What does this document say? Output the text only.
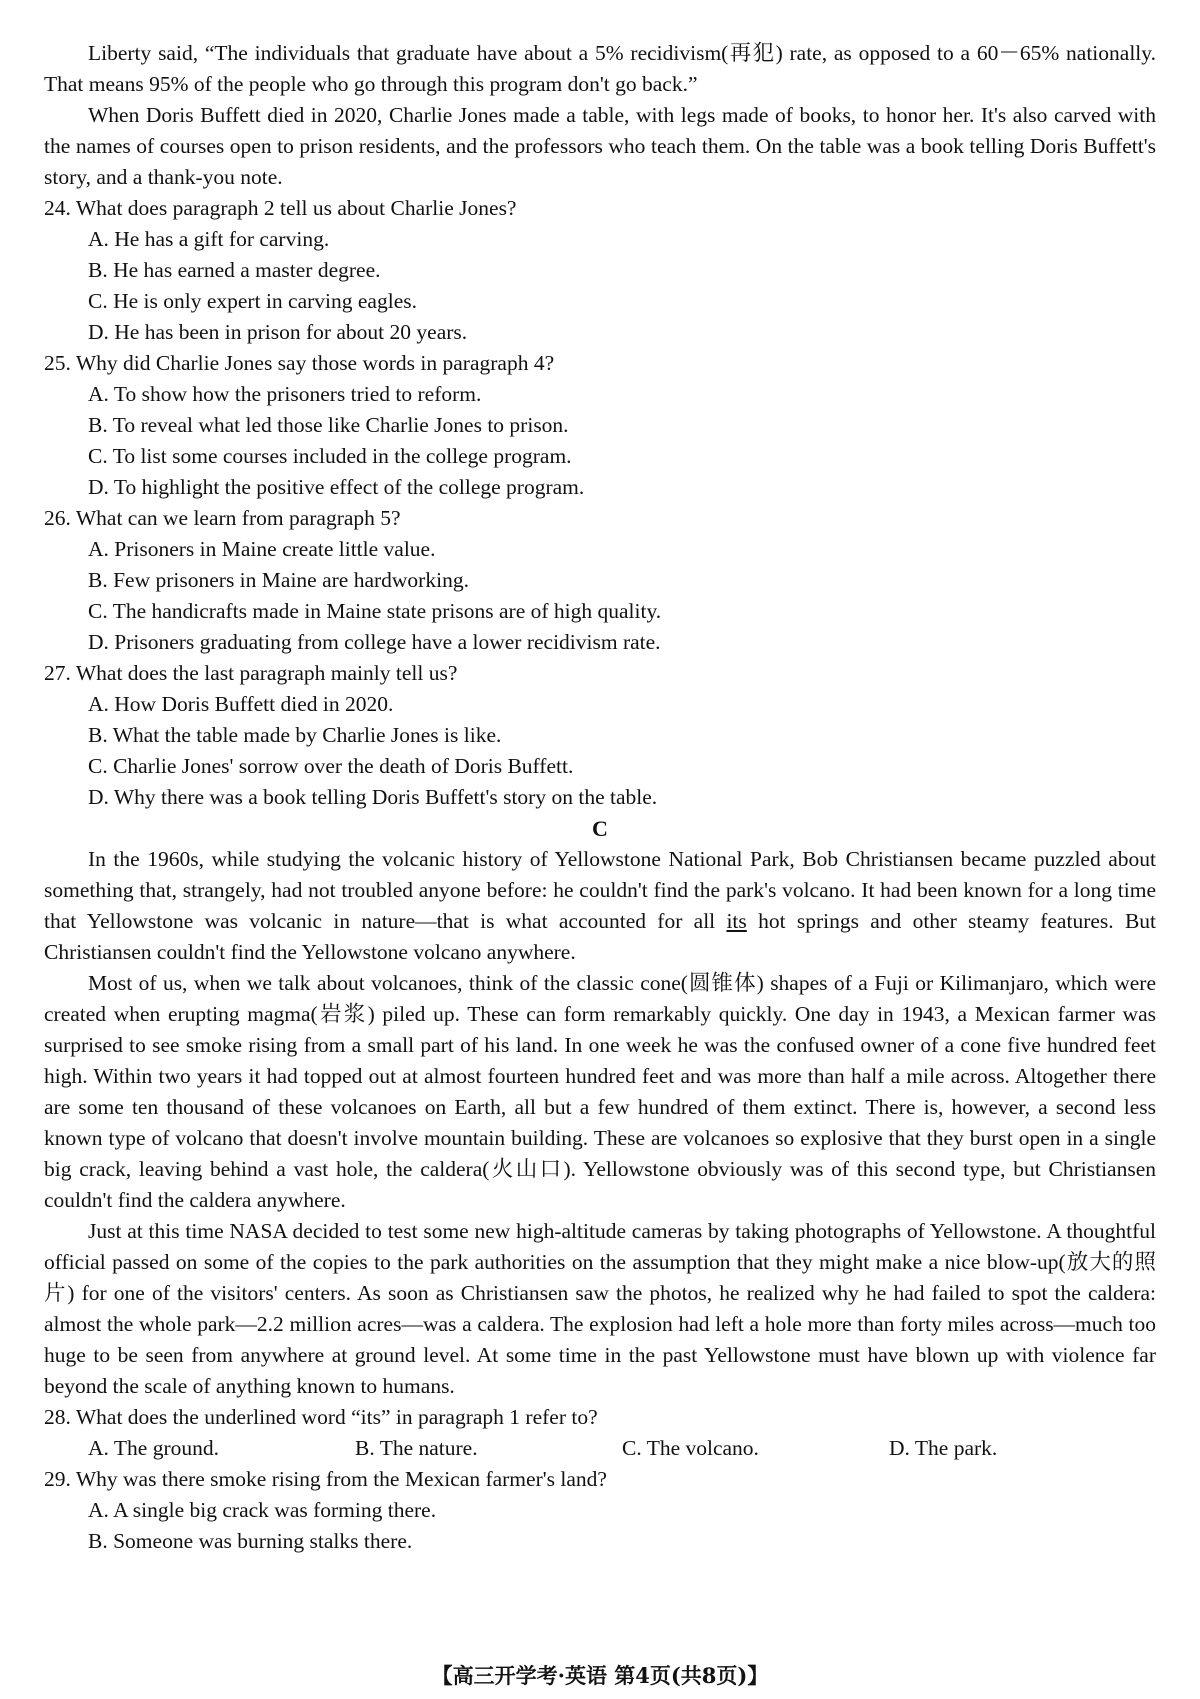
Liberty said, “The individuals that graduate have about a 5% recidivism(再犯) rate, as opposed to a 60－65% nationally. That means 95% of the people who go through this program don't go back.”

When Doris Buffett died in 2020, Charlie Jones made a table, with legs made of books, to honor her. It's also carved with the names of courses open to prison residents, and the professors who teach them. On the table was a book telling Doris Buffett's story, and a thank-you note.

24. What does paragraph 2 tell us about Charlie Jones?

A. He has a gift for carving.

B. He has earned a master degree.

C. He is only expert in carving eagles.

D. He has been in prison for about 20 years.

25. Why did Charlie Jones say those words in paragraph 4?

A. To show how the prisoners tried to reform.

B. To reveal what led those like Charlie Jones to prison.

C. To list some courses included in the college program.

D. To highlight the positive effect of the college program.

26. What can we learn from paragraph 5?

A. Prisoners in Maine create little value.

B. Few prisoners in Maine are hardworking.

C. The handicrafts made in Maine state prisons are of high quality.

D. Prisoners graduating from college have a lower recidivism rate.

27. What does the last paragraph mainly tell us?

A. How Doris Buffett died in 2020.

B. What the table made by Charlie Jones is like.

C. Charlie Jones' sorrow over the death of Doris Buffett.

D. Why there was a book telling Doris Buffett's story on the table.

C

In the 1960s, while studying the volcanic history of Yellowstone National Park, Bob Christiansen became puzzled about something that, strangely, had not troubled anyone before: he couldn't find the park's volcano. It had been known for a long time that Yellowstone was volcanic in nature—that is what accounted for all its hot springs and other steamy features. But Christiansen couldn't find the Yellowstone volcano anywhere.

Most of us, when we talk about volcanoes, think of the classic cone(圆锥体) shapes of a Fuji or Kilimanjaro, which were created when erupting magma(岩浆) piled up. These can form remarkably quickly. One day in 1943, a Mexican farmer was surprised to see smoke rising from a small part of his land. In one week he was the confused owner of a cone five hundred feet high. Within two years it had topped out at almost fourteen hundred feet and was more than half a mile across. Altogether there are some ten thousand of these volcanoes on Earth, all but a few hundred of them extinct. There is, however, a second less known type of volcano that doesn't involve mountain building. These are volcanoes so explosive that they burst open in a single big crack, leaving behind a vast hole, the caldera(火山口). Yellowstone obviously was of this second type, but Christiansen couldn't find the caldera anywhere.

Just at this time NASA decided to test some new high-altitude cameras by taking photographs of Yellowstone. A thoughtful official passed on some of the copies to the park authorities on the assumption that they might make a nice blow-up(放大的照片) for one of the visitors' centers. As soon as Christiansen saw the photos, he realized why he had failed to spot the caldera: almost the whole park—2.2 million acres—was a caldera. The explosion had left a hole more than forty miles across—much too huge to be seen from anywhere at ground level. At some time in the past Yellowstone must have blown up with violence far beyond the scale of anything known to humans.

28. What does the underlined word “its” in paragraph 1 refer to?

A. The ground.	B. The nature.	C. The volcano.	D. The park.

29. Why was there smoke rising from the Mexican farmer's land?

A. A single big crack was forming there.

B. Someone was burning stalks there.

【高三开学考·英语 第4页(共8页)】
